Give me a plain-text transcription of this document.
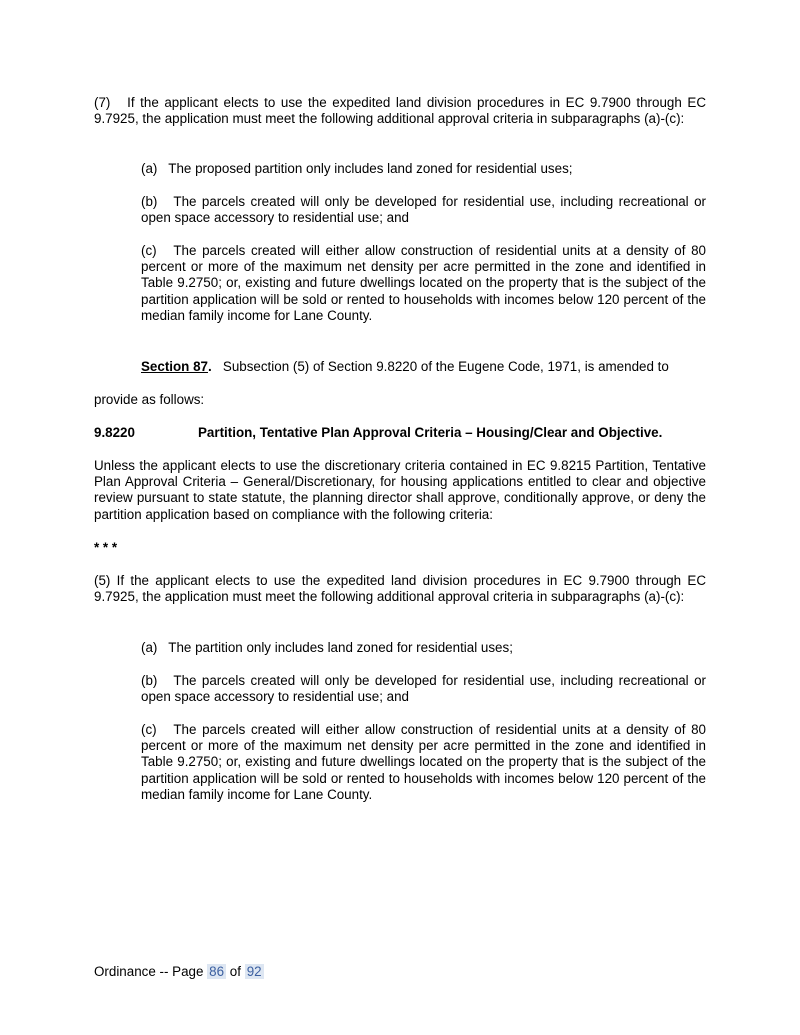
(7)   If the applicant elects to use the expedited land division procedures in EC 9.7900 through EC 9.7925, the application must meet the following additional approval criteria in subparagraphs (a)-(c):

(a)   The proposed partition only includes land zoned for residential uses;

(b)   The parcels created will only be developed for residential use, including recreational or open space accessory to residential use; and

(c)   The parcels created will either allow construction of residential units at a density of 80 percent or more of the maximum net density per acre permitted in the zone and identified in Table 9.2750; or, existing and future dwellings located on the property that is the subject of the partition application will be sold or rented to households with incomes below 120 percent of the median family income for Lane County.

Section 87. Subsection (5) of Section 9.8220 of the Eugene Code, 1971, is amended to

provide as follows:

9.8220	Partition, Tentative Plan Approval Criteria – Housing/Clear and Objective.

Unless the applicant elects to use the discretionary criteria contained in EC 9.8215 Partition, Tentative Plan Approval Criteria – General/Discretionary, for housing applications entitled to clear and objective review pursuant to state statute, the planning director shall approve, conditionally approve, or deny the partition application based on compliance with the following criteria:

* * *

(5) If the applicant elects to use the expedited land division procedures in EC 9.7900 through EC 9.7925, the application must meet the following additional approval criteria in subparagraphs (a)-(c):

(a)   The partition only includes land zoned for residential uses;

(b)   The parcels created will only be developed for residential use, including recreational or open space accessory to residential use; and

(c)   The parcels created will either allow construction of residential units at a density of 80 percent or more of the maximum net density per acre permitted in the zone and identified in Table 9.2750; or, existing and future dwellings located on the property that is the subject of the partition application will be sold or rented to households with incomes below 120 percent of the median family income for Lane County.

Ordinance -- Page 86 of 92
